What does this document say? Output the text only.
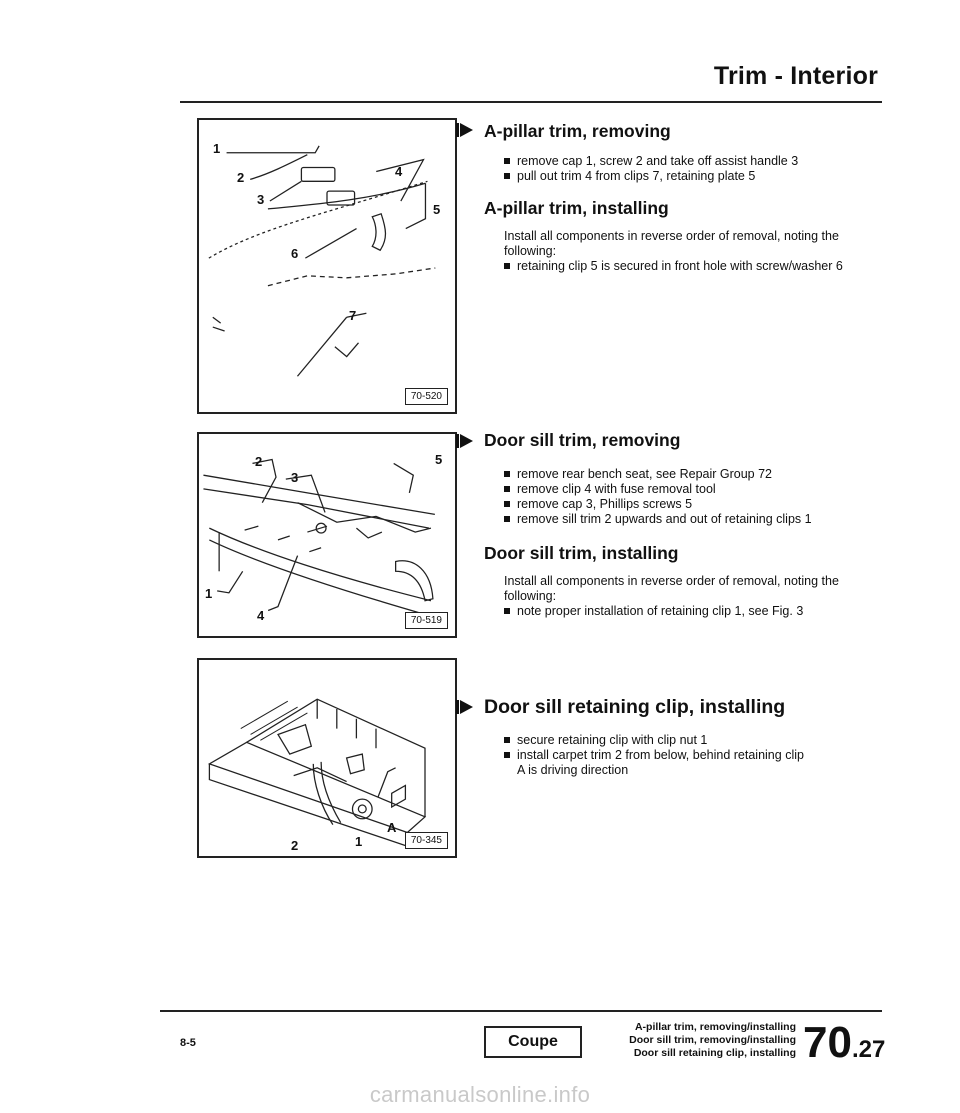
Trim - Interior
1
2
3
4
5
6
7
70-520
2
3
5
1
4	70-519
2	1
A
70-345
A-pillar trim, removing
remove cap 1, screw 2 and take off assist handle 3
pull out trim 4 from clips 7, retaining plate 5
A-pillar trim, installing
Install all components in reverse order of removal, noting the following:
retaining clip 5 is secured in front hole with screw/washer 6
Door sill trim, removing
remove rear bench seat, see Repair Group 72
remove clip 4 with fuse removal tool
remove cap 3, Phillips screws 5
remove sill trim 2 upwards and out of retaining clips 1
Door sill trim, installing
Install all components in reverse order of removal, noting the following:
note proper installation of retaining clip 1, see Fig. 3
Door sill retaining clip, installing
secure retaining clip with clip nut 1
install carpet trim 2 from below, behind retaining clip
A is driving direction
8-5	Coupe
A-pillar trim, removing/installing
Door sill trim, removing/installing
Door sill retaining clip, installing 70.27
carmanualsonline.info
